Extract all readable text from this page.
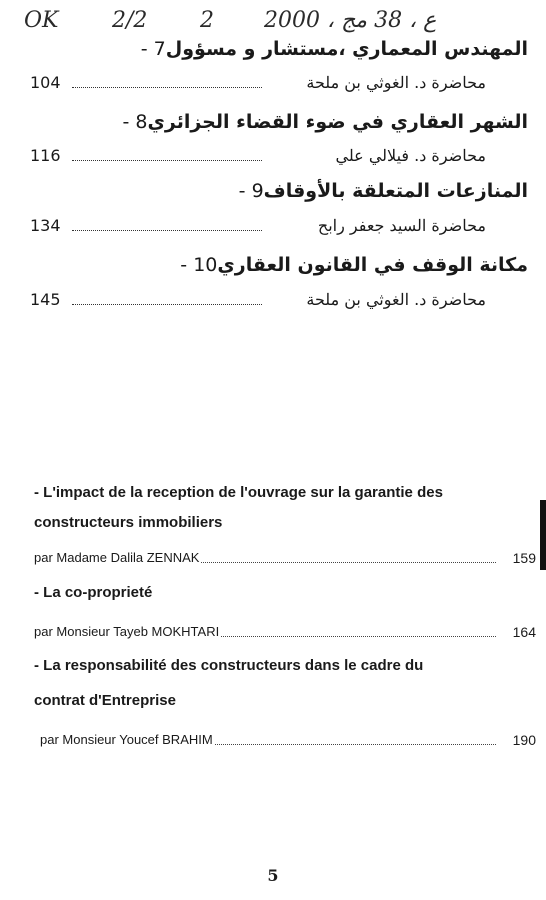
OK 2/2 2 ع ، 38 مج ، 2000
المهندس المعماري ،مستشار و مسؤول7 -
104	محاضرة د. الغوثي بن ملحة
الشهر العقاري في ضوء القضاء الجزائري8 -
116	محاضرة د. فيلالي علي
المنازعات المتعلقة بالأوقاف9 -
134	محاضرة السيد جعفر رابح
مكانة الوقف في القانون العقاري10 -
145	محاضرة د. الغوثي بن ملحة
- L'impact de la reception de l'ouvrage sur la garantie des
constructeurs immobiliers
par Madame Dalila ZENNAK	159
- La co-proprieté
par Monsieur Tayeb MOKHTARI	164
- La responsabilité des constructeurs dans le cadre du
contrat d'Entreprise
par Monsieur Youcef BRAHIM	190
5
